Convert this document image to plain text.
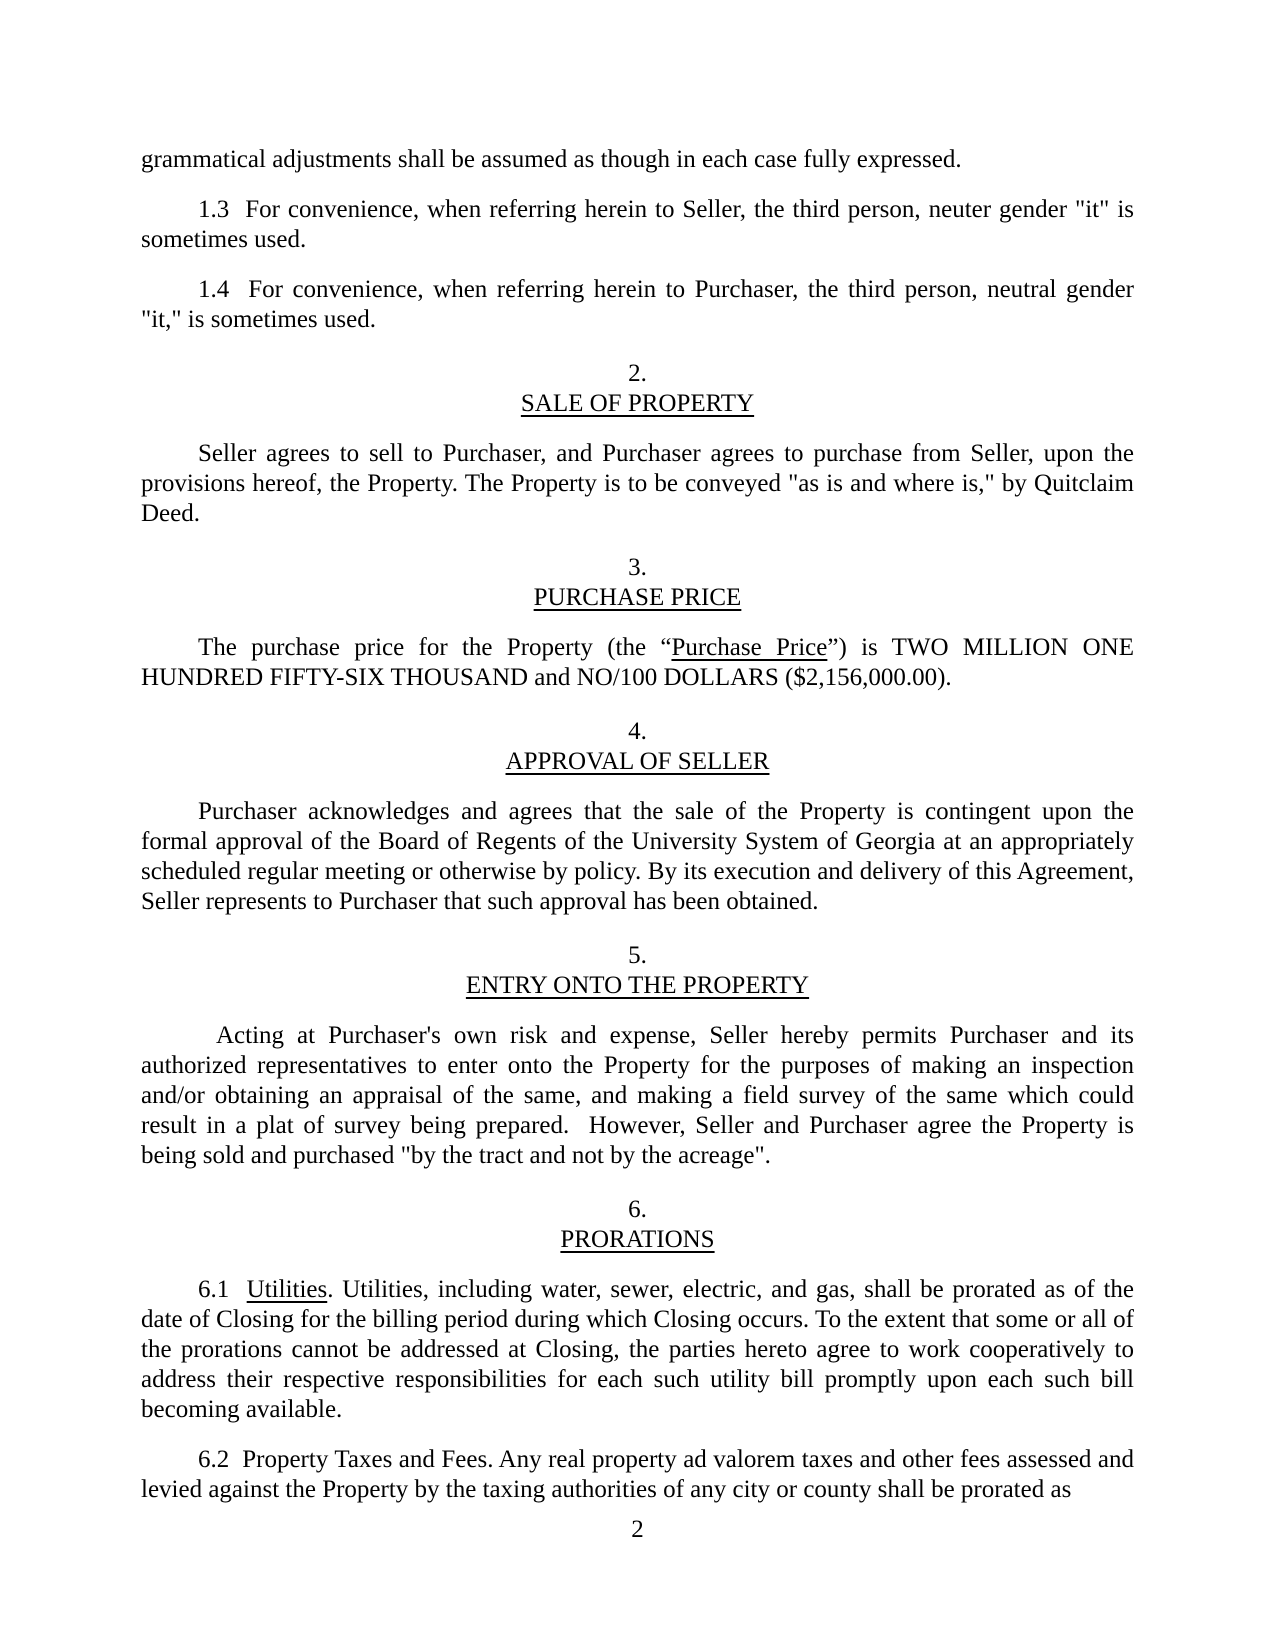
grammatical adjustments shall be assumed as though in each case fully expressed.

1.3  For convenience, when referring herein to Seller, the third person, neuter gender "it" is sometimes used.

1.4  For convenience, when referring herein to Purchaser, the third person, neutral gender "it," is sometimes used.

2.
SALE OF PROPERTY

Seller agrees to sell to Purchaser, and Purchaser agrees to purchase from Seller, upon the provisions hereof, the Property. The Property is to be conveyed "as is and where is," by Quitclaim Deed.

3.
PURCHASE PRICE

The purchase price for the Property (the “Purchase Price”) is TWO MILLION ONE HUNDRED FIFTY-SIX THOUSAND and NO/100 DOLLARS ($2,156,000.00).

4.
APPROVAL OF SELLER

Purchaser acknowledges and agrees that the sale of the Property is contingent upon the formal approval of the Board of Regents of the University System of Georgia at an appropriately scheduled regular meeting or otherwise by policy. By its execution and delivery of this Agreement, Seller represents to Purchaser that such approval has been obtained.

5.
ENTRY ONTO THE PROPERTY

Acting at Purchaser's own risk and expense, Seller hereby permits Purchaser and its authorized representatives to enter onto the Property for the purposes of making an inspection and/or obtaining an appraisal of the same, and making a field survey of the same which could result in a plat of survey being prepared.  However, Seller and Purchaser agree the Property is being sold and purchased "by the tract and not by the acreage".

6.
PRORATIONS

6.1  Utilities. Utilities, including water, sewer, electric, and gas, shall be prorated as of the date of Closing for the billing period during which Closing occurs. To the extent that some or all of the prorations cannot be addressed at Closing, the parties hereto agree to work cooperatively to address their respective responsibilities for each such utility bill promptly upon each such bill becoming available.

6.2  Property Taxes and Fees. Any real property ad valorem taxes and other fees assessed and levied against the Property by the taxing authorities of any city or county shall be prorated as

2
